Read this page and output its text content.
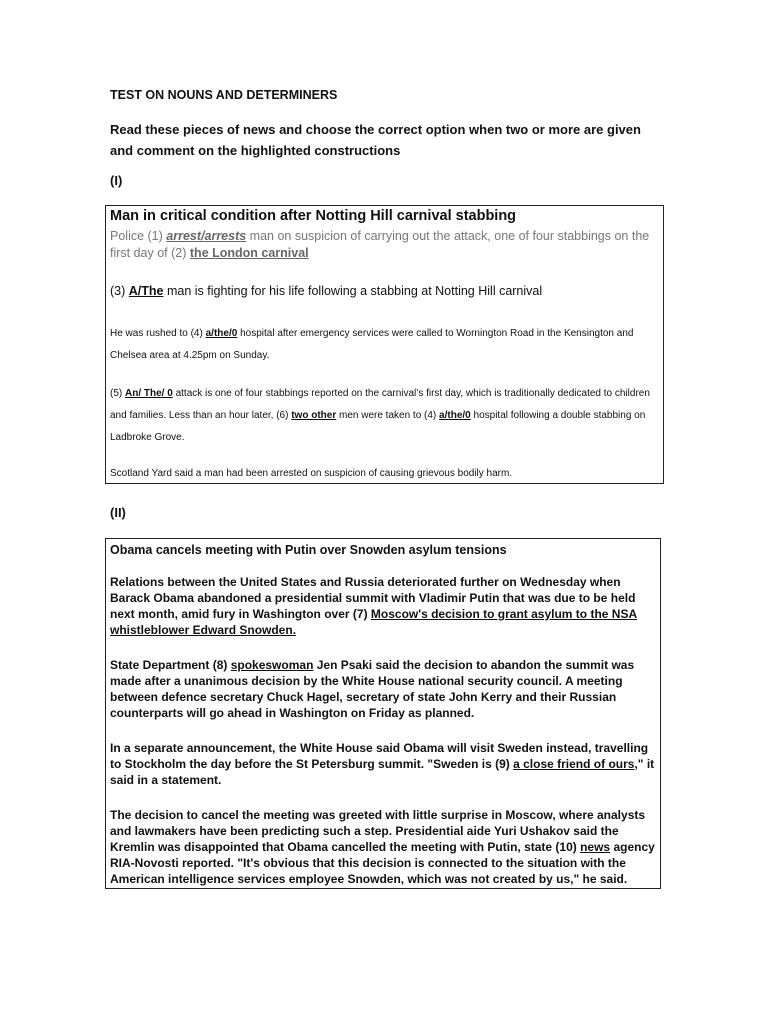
TEST ON NOUNS AND DETERMINERS
Read these pieces of news and choose the correct option when two or more are given and comment on the highlighted constructions
(I)
Man in critical condition after Notting Hill carnival stabbing
Police (1) arrest/arrests man on suspicion of carrying out the attack, one of four stabbings on the first day of (2) the London carnival
(3) A/The man is fighting for his life following a stabbing at Notting Hill carnival
He was rushed to (4) a/the/0 hospital after emergency services were called to Wornington Road in the Kensington and Chelsea area at 4.25pm on Sunday.
(5) An/ The/ 0 attack is one of four stabbings reported on the carnival’s first day, which is traditionally dedicated to children and families. Less than an hour later, (6) two other men were taken to (4) a/the/0 hospital following a double stabbing on Ladbroke Grove.
Scotland Yard said a man had been arrested on suspicion of causing grievous bodily harm.
(II)
Obama cancels meeting with Putin over Snowden asylum tensions
Relations between the United States and Russia deteriorated further on Wednesday when Barack Obama abandoned a presidential summit with Vladimir Putin that was due to be held next month, amid fury in Washington over (7) Moscow's decision to grant asylum to the NSA whistleblower Edward Snowden.
State Department (8) spokeswoman Jen Psaki said the decision to abandon the summit was made after a unanimous decision by the White House national security council. A meeting between defence secretary Chuck Hagel, secretary of state John Kerry and their Russian counterparts will go ahead in Washington on Friday as planned.
In a separate announcement, the White House said Obama will visit Sweden instead, travelling to Stockholm the day before the St Petersburg summit. "Sweden is (9) a close friend of ours," it said in a statement.
The decision to cancel the meeting was greeted with little surprise in Moscow, where analysts and lawmakers have been predicting such a step. Presidential aide Yuri Ushakov said the Kremlin was disappointed that Obama cancelled the meeting with Putin, state (10) news agency RIA-Novosti reported. "It's obvious that this decision is connected to the situation with the American intelligence services employee Snowden, which was not created by us," he said.
